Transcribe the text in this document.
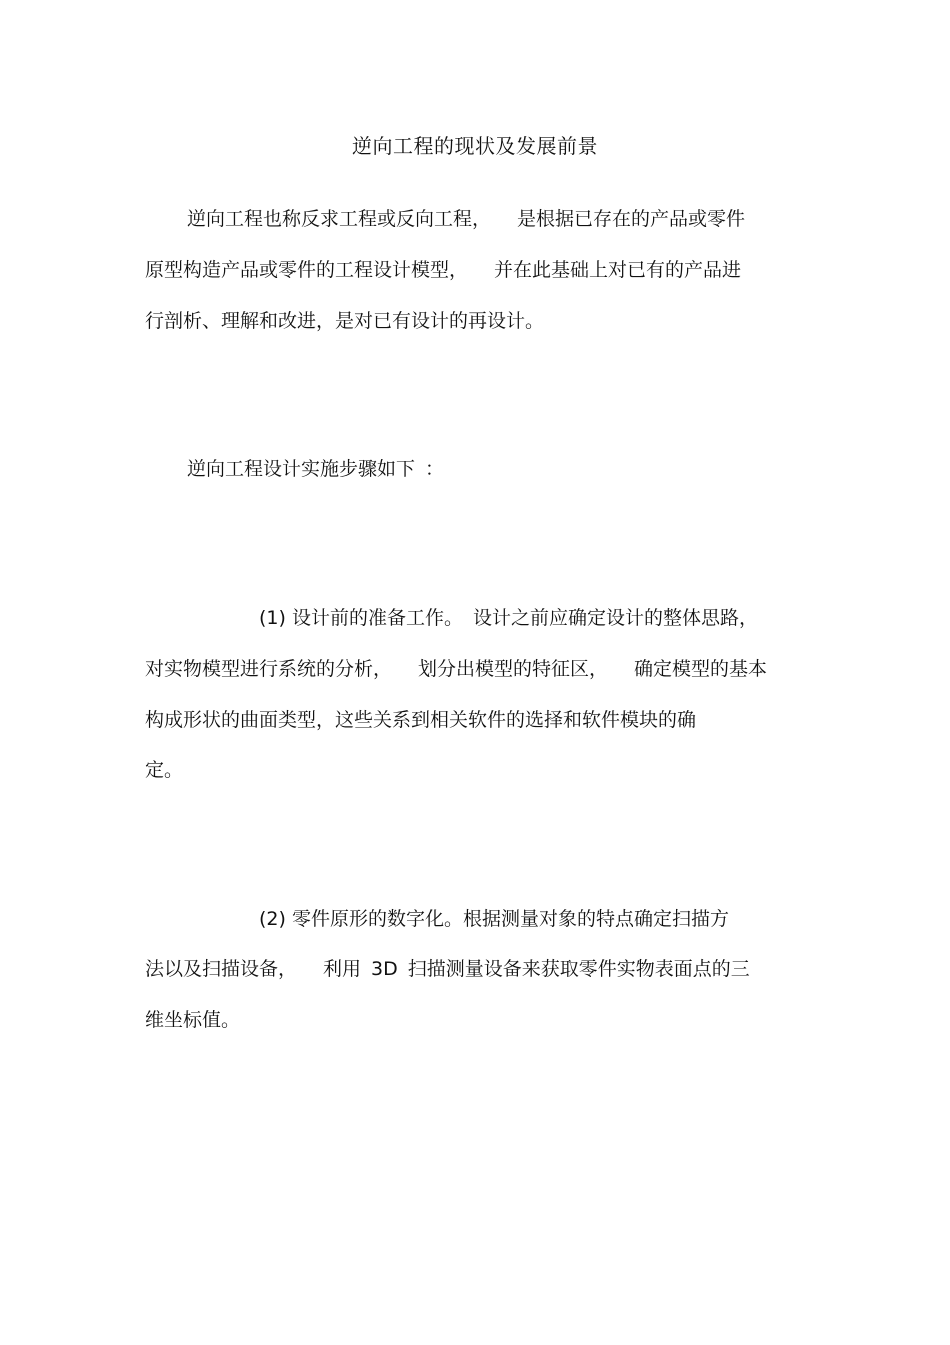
逆向工程的现状及发展前景
逆向工程也称反求工程或反向工程， 是根据已存在的产品或零件
原型构造产品或零件的工程设计模型， 并在此基础上对已有的产品进
行剖析、理解和改进，是对已有设计的再设计。
逆向工程设计实施步骤如下 ：
(1) 设计前的准备工作。 设计之前应确定设计的整体思路，
对实物模型进行系统的分析， 划分出模型的特征区， 确定模型的基本
构成形状的曲面类型，这些关系到相关软件的选择和软件模块的确
定。
(2) 零件原形的数字化。根据测量对象的特点确定扫描方
法以及扫描设备， 利用 3D 扫描测量设备来获取零件实物表面点的三
维坐标值。
